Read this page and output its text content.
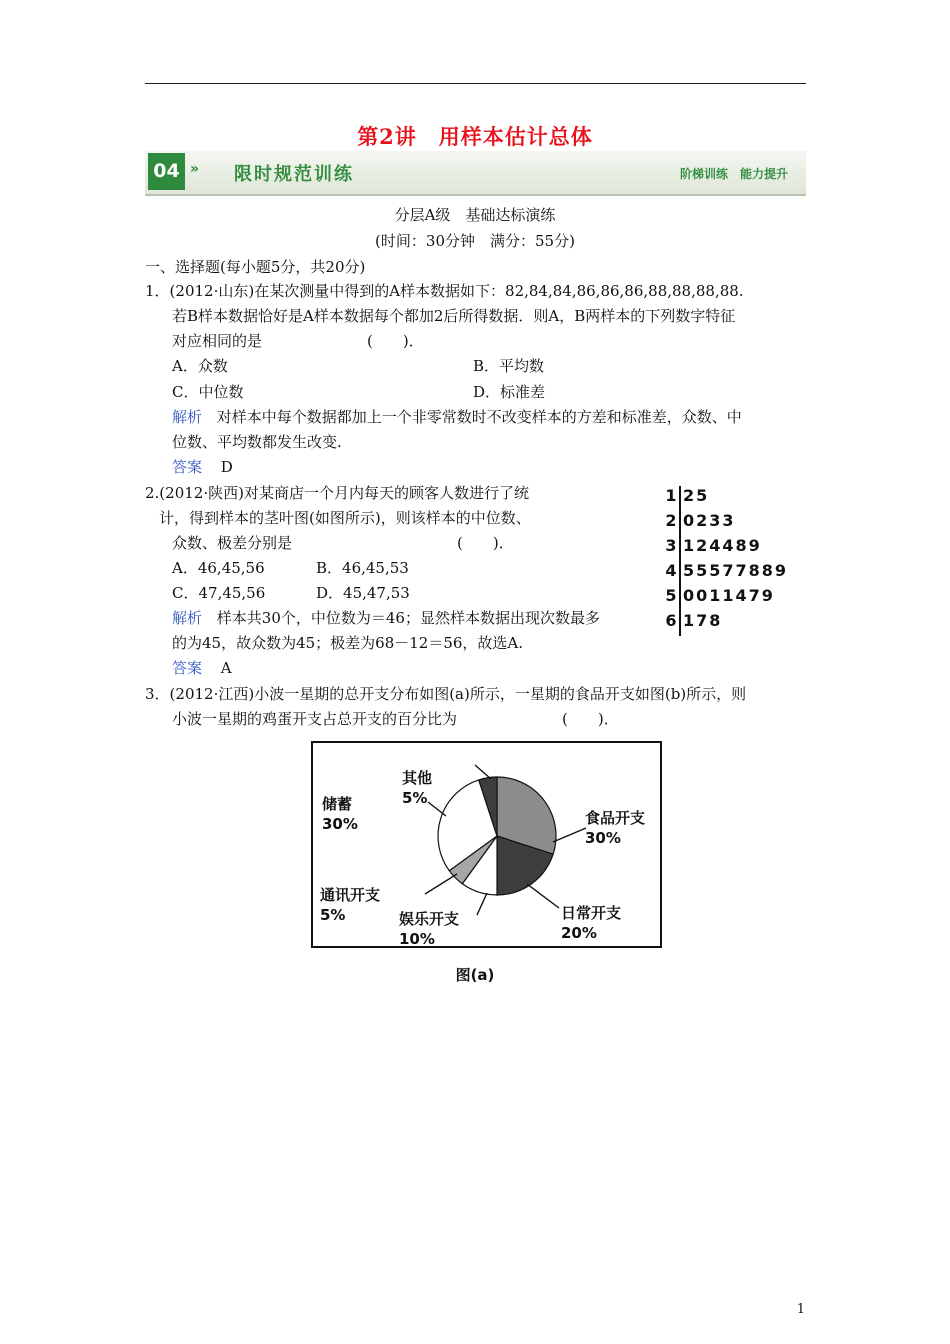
第2讲　用样本估计总体
04 » 限时规范训练	阶梯训练　能力提升
分层A级　基础达标演练
(时间：30分钟　满分：55分)
一、选择题(每小题5分，共20分)
1．(2012·山东)在某次测量中得到的A样本数据如下：82,84,84,86,86,86,88,88,88,88.
若B样本数据恰好是A样本数据每个都加2后所得数据．则A，B两样本的下列数字特征
对应相同的是　　　　　　　(　　)．
A．众数	B．平均数
C．中位数	D．标准差
解析 对样本中每个数据都加上一个非零常数时不改变样本的方差和标准差，众数、中
位数、平均数都发生改变.
答案 D
2.(2012·陕西)对某商店一个月内每天的顾客人数进行了统
计，得到样本的茎叶图(如图所示)，则该样本的中位数、
众数、极差分别是　　　　　　　　　　　(　　)．
A．46,45,56	B．46,45,53
C．47,45,56	D．45,47,53
解析 样本共30个，中位数为＝46；显然样本数据出现次数最多
的为45，故众数为45；极差为68－12＝56，故选A.
答案 A
1 25
2 0233
3 124489
4 55577889
5 0011479
6 178
3．(2012·江西)小波一星期的总开支分布如图(a)所示，一星期的食品开支如图(b)所示，则
小波一星期的鸡蛋开支占总开支的百分比为　　　　　　　(　　)．
其他
5%
储蓄
30%	食品开支
30%
通讯开支
5%	娱乐开支
10%
日常开支
20%
图(a)
1
